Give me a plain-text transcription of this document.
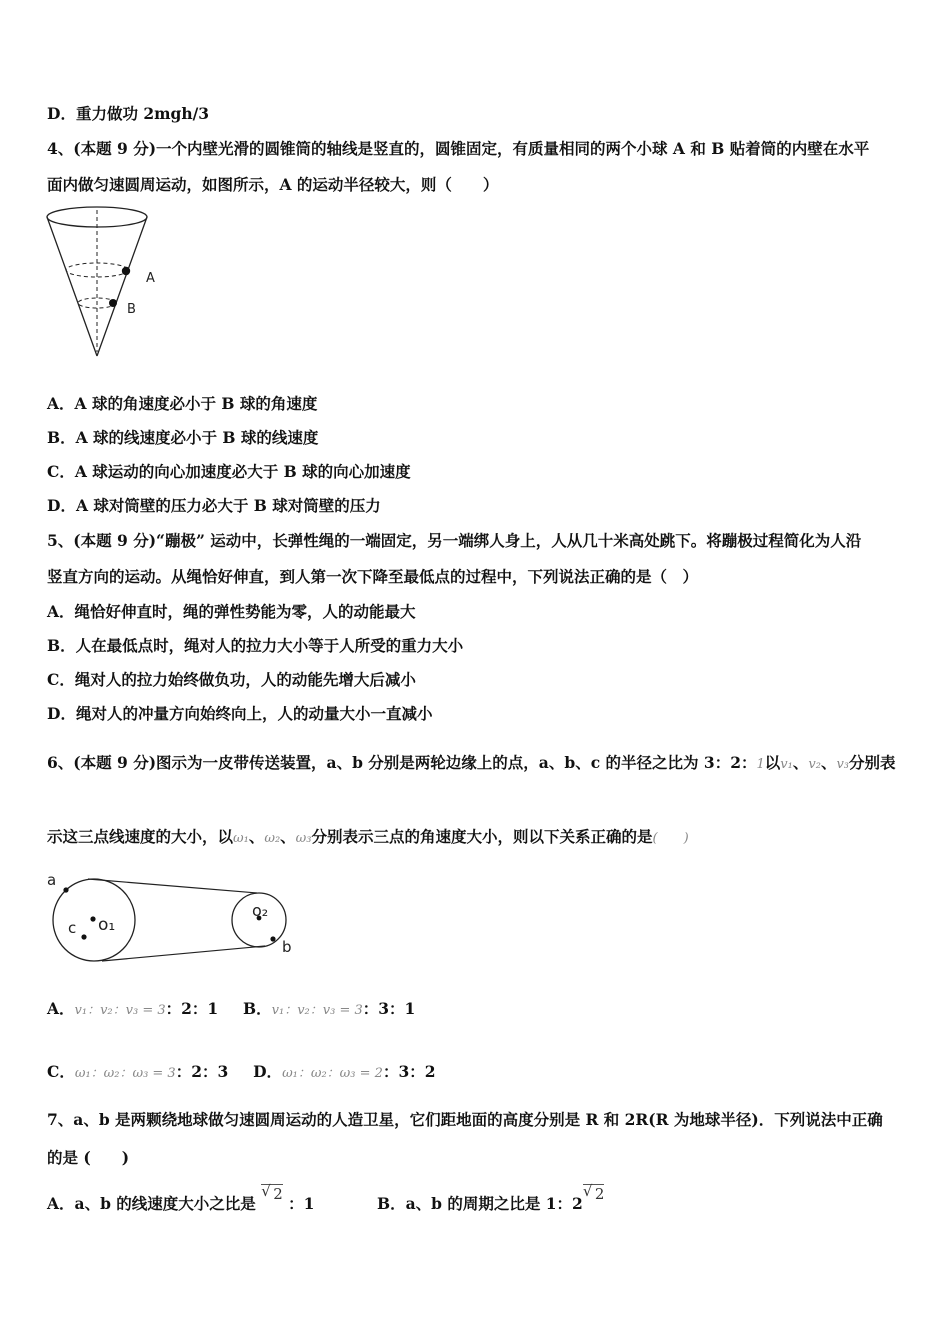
D．重力做功 2mgh/3
4、(本题 9 分)一个内壁光滑的圆锥筒的轴线是竖直的，圆锥固定，有质量相同的两个小球 A 和 B 贴着筒的内壁在水平
面内做匀速圆周运动，如图所示，A 的运动半径较大，则（　　）
A
B
A．A 球的角速度必小于 B 球的角速度
B．A 球的线速度必小于 B 球的线速度
C．A 球运动的向心加速度必大于 B 球的向心加速度
D．A 球对筒壁的压力必大于 B 球对筒壁的压力
5、(本题 9 分)“蹦极” 运动中，长弹性绳的一端固定，另一端绑人身上，人从几十米高处跳下。将蹦极过程简化为人沿
竖直方向的运动。从绳恰好伸直，到人第一次下降至最低点的过程中，下列说法正确的是（　）
A．绳恰好伸直时，绳的弹性势能为零，人的动能最大
B．人在最低点时，绳对人的拉力大小等于人所受的重力大小
C．绳对人的拉力始终做负功，人的动能先增大后减小
D．绳对人的冲量方向始终向上，人的动量大小一直减小
6、(本题 9 分)图示为一皮带传送装置，a、b 分别是两轮边缘上的点，a、b、c 的半径之比为 3：2：1以v₁、v₂、v₃分别表
示这三点线速度的大小，以ω₁、ω₂、ω₃分别表示三点的角速度大小，则以下关系正确的是(　　)
a
c o₁
o₂
b
A．v₁：v₂：v₃ = 3：2：1 B．v₁：v₂：v₃ = 3：3：1
C．ω₁：ω₂：ω₃ = 3：2：3 D．ω₁：ω₂：ω₃ = 2：3：2
7、a、b 是两颗绕地球做匀速圆周运动的人造卫星，它们距地面的高度分别是 R 和 2R(R 为地球半径)．下列说法中正确
的是 (　　)
A．a、b 的线速度大小之比是 √ 2 ：1	B．a、b 的周期之比是 1：2 √ 2
